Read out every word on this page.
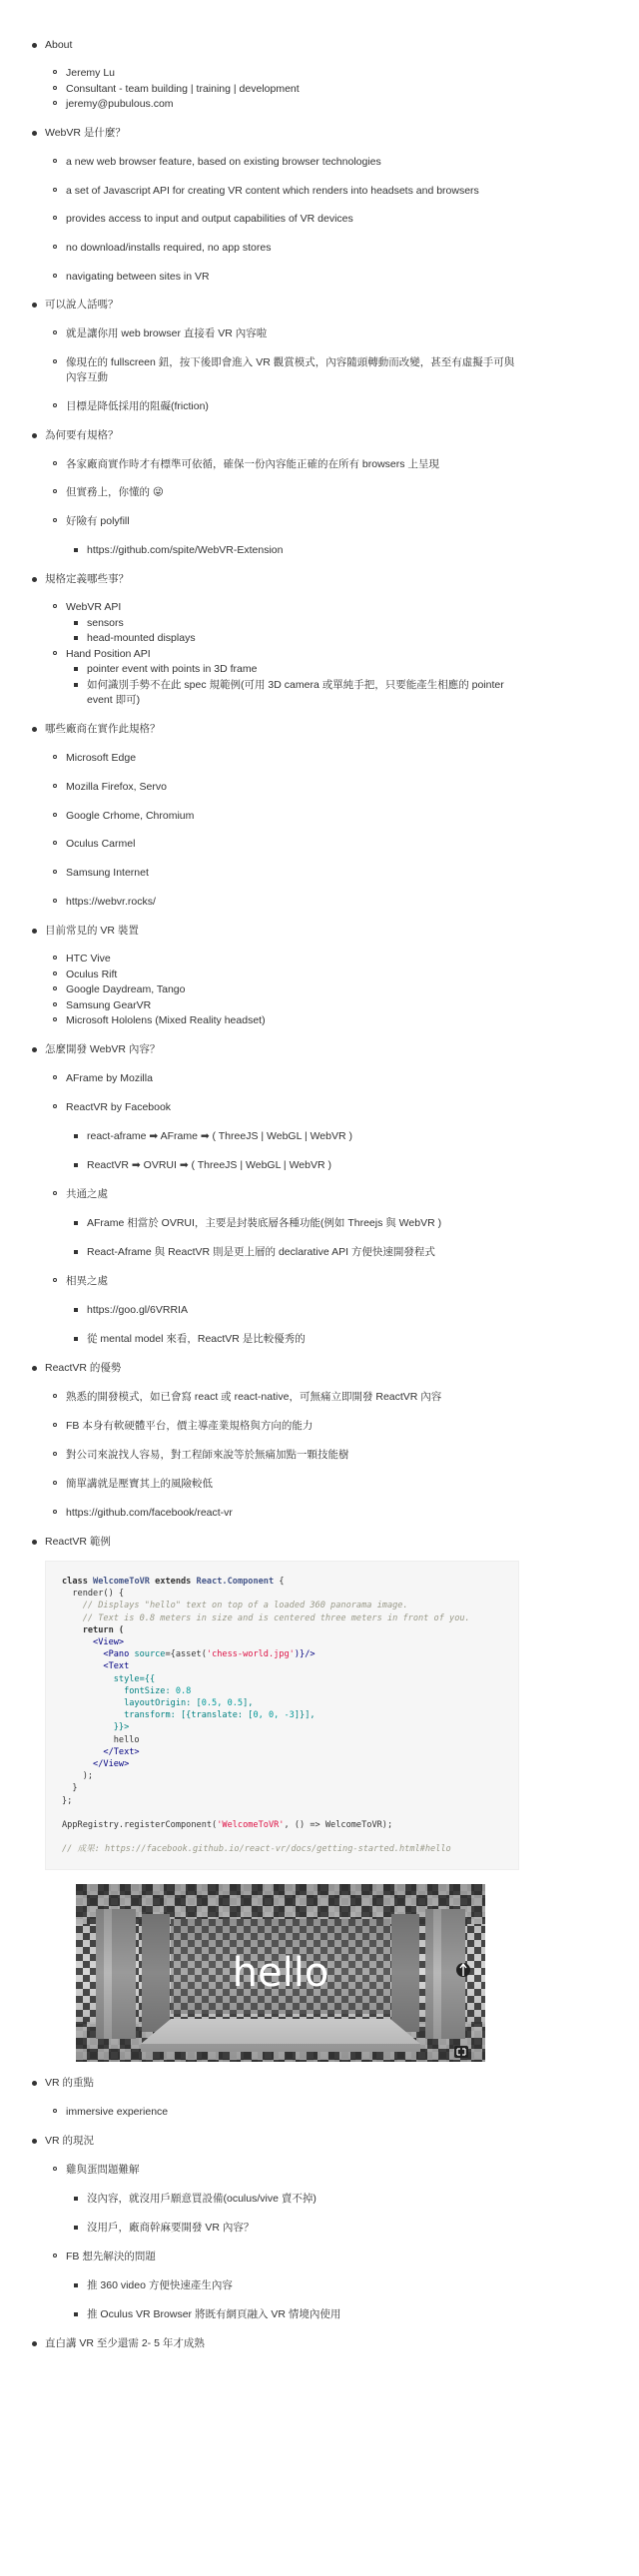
About
Jeremy Lu
Consultant - team building | training | development
jeremy@pubulous.com
WebVR 是什麼？
a new web browser feature, based on existing browser technologies
a set of Javascript API for creating VR content which renders into headsets and browsers
provides access to input and output capabilities of VR devices
no download/installs required, no app stores
navigating between sites in VR
可以說人話嗎？
就是讓你用 web browser 直接看 VR 內容啦
像現在的 fullscreen 鈕，按下後即會進入 VR 觀賞模式，內容隨頭轉動而改變，甚至有虛擬手可與
內容互動
目標是降低採用的阻礙(friction)
為何要有規格？
各家廠商實作時才有標準可依循，確保一份內容能正確的在所有 browsers 上呈現
但實務上，你懂的 😜
好險有 polyfill
https://github.com/spite/WebVR-Extension
規格定義哪些事？
WebVR API
sensors
head-mounted displays
Hand Position API
pointer event with points in 3D frame
如何識別手勢不在此 spec 規範例(可用 3D camera 或單純手把，只要能產生相應的 pointer
event 即可)
哪些廠商在實作此規格？
Microsoft Edge
Mozilla Firefox, Servo
Google Crhome, Chromium
Oculus Carmel
Samsung Internet
https://webvr.rocks/
目前常見的 VR 裝置
HTC Vive
Oculus Rift
Google Daydream, Tango
Samsung GearVR
Microsoft Hololens (Mixed Reality headset)
怎麼開發 WebVR 內容？
AFrame by Mozilla
ReactVR by Facebook
react-aframe ➡ AFrame ➡ ( ThreeJS | WebGL | WebVR )
ReactVR ➡ OVRUI ➡ ( ThreeJS | WebGL | WebVR )
共通之處
AFrame 相當於 OVRUI，主要是封裝底層各種功能(例如 Threejs 與 WebVR )
React-Aframe 與 ReactVR 則是更上層的 declarative API 方便快速開發程式
相異之處
https://goo.gl/6VRRIA
從 mental model 來看，ReactVR 是比較優秀的
ReactVR 的優勢
熟悉的開發模式，如已會寫 react 或 react-native，可無痛立即開發 ReactVR 內容
FB 本身有軟硬體平台，價主導產業規格與方向的能力
對公司來說找人容易，對工程師來說等於無痛加點一顆技能樹
簡單講就是壓寶其上的風險較低
https://github.com/facebook/react-vr
ReactVR 範例
class WelcomeToVR extends React.Component {
render() {
// Displays "hello" text on top of a loaded 360 panorama image.
// Text is 0.8 meters in size and is centered three meters in front of you.
return (
<View>
<Pano source={asset('chess-world.jpg')}/>
<Text
style={{
fontSize: 0.8
layoutOrigin: [0.5, 0.5],
transform: [{translate: [0, 0, -3]}],
}}>
hello
</Text>
</View>
);
}
};

AppRegistry.registerComponent('WelcomeToVR', () => WelcomeToVR);

// 成果: https://facebook.github.io/react-vr/docs/getting-started.html#hello
hello
VR 的重點
immersive experience
VR 的現況
雞與蛋問題難解
沒內容，就沒用戶願意買設備(oculus/vive 賣不掉)
沒用戶，廠商幹麻要開發 VR 內容？
FB 想先解決的問題
推 360 video 方便快速產生內容
推 Oculus VR Browser 將既有網頁融入 VR 情境內使用
直白講 VR 至少還需 2- 5 年才成熟
